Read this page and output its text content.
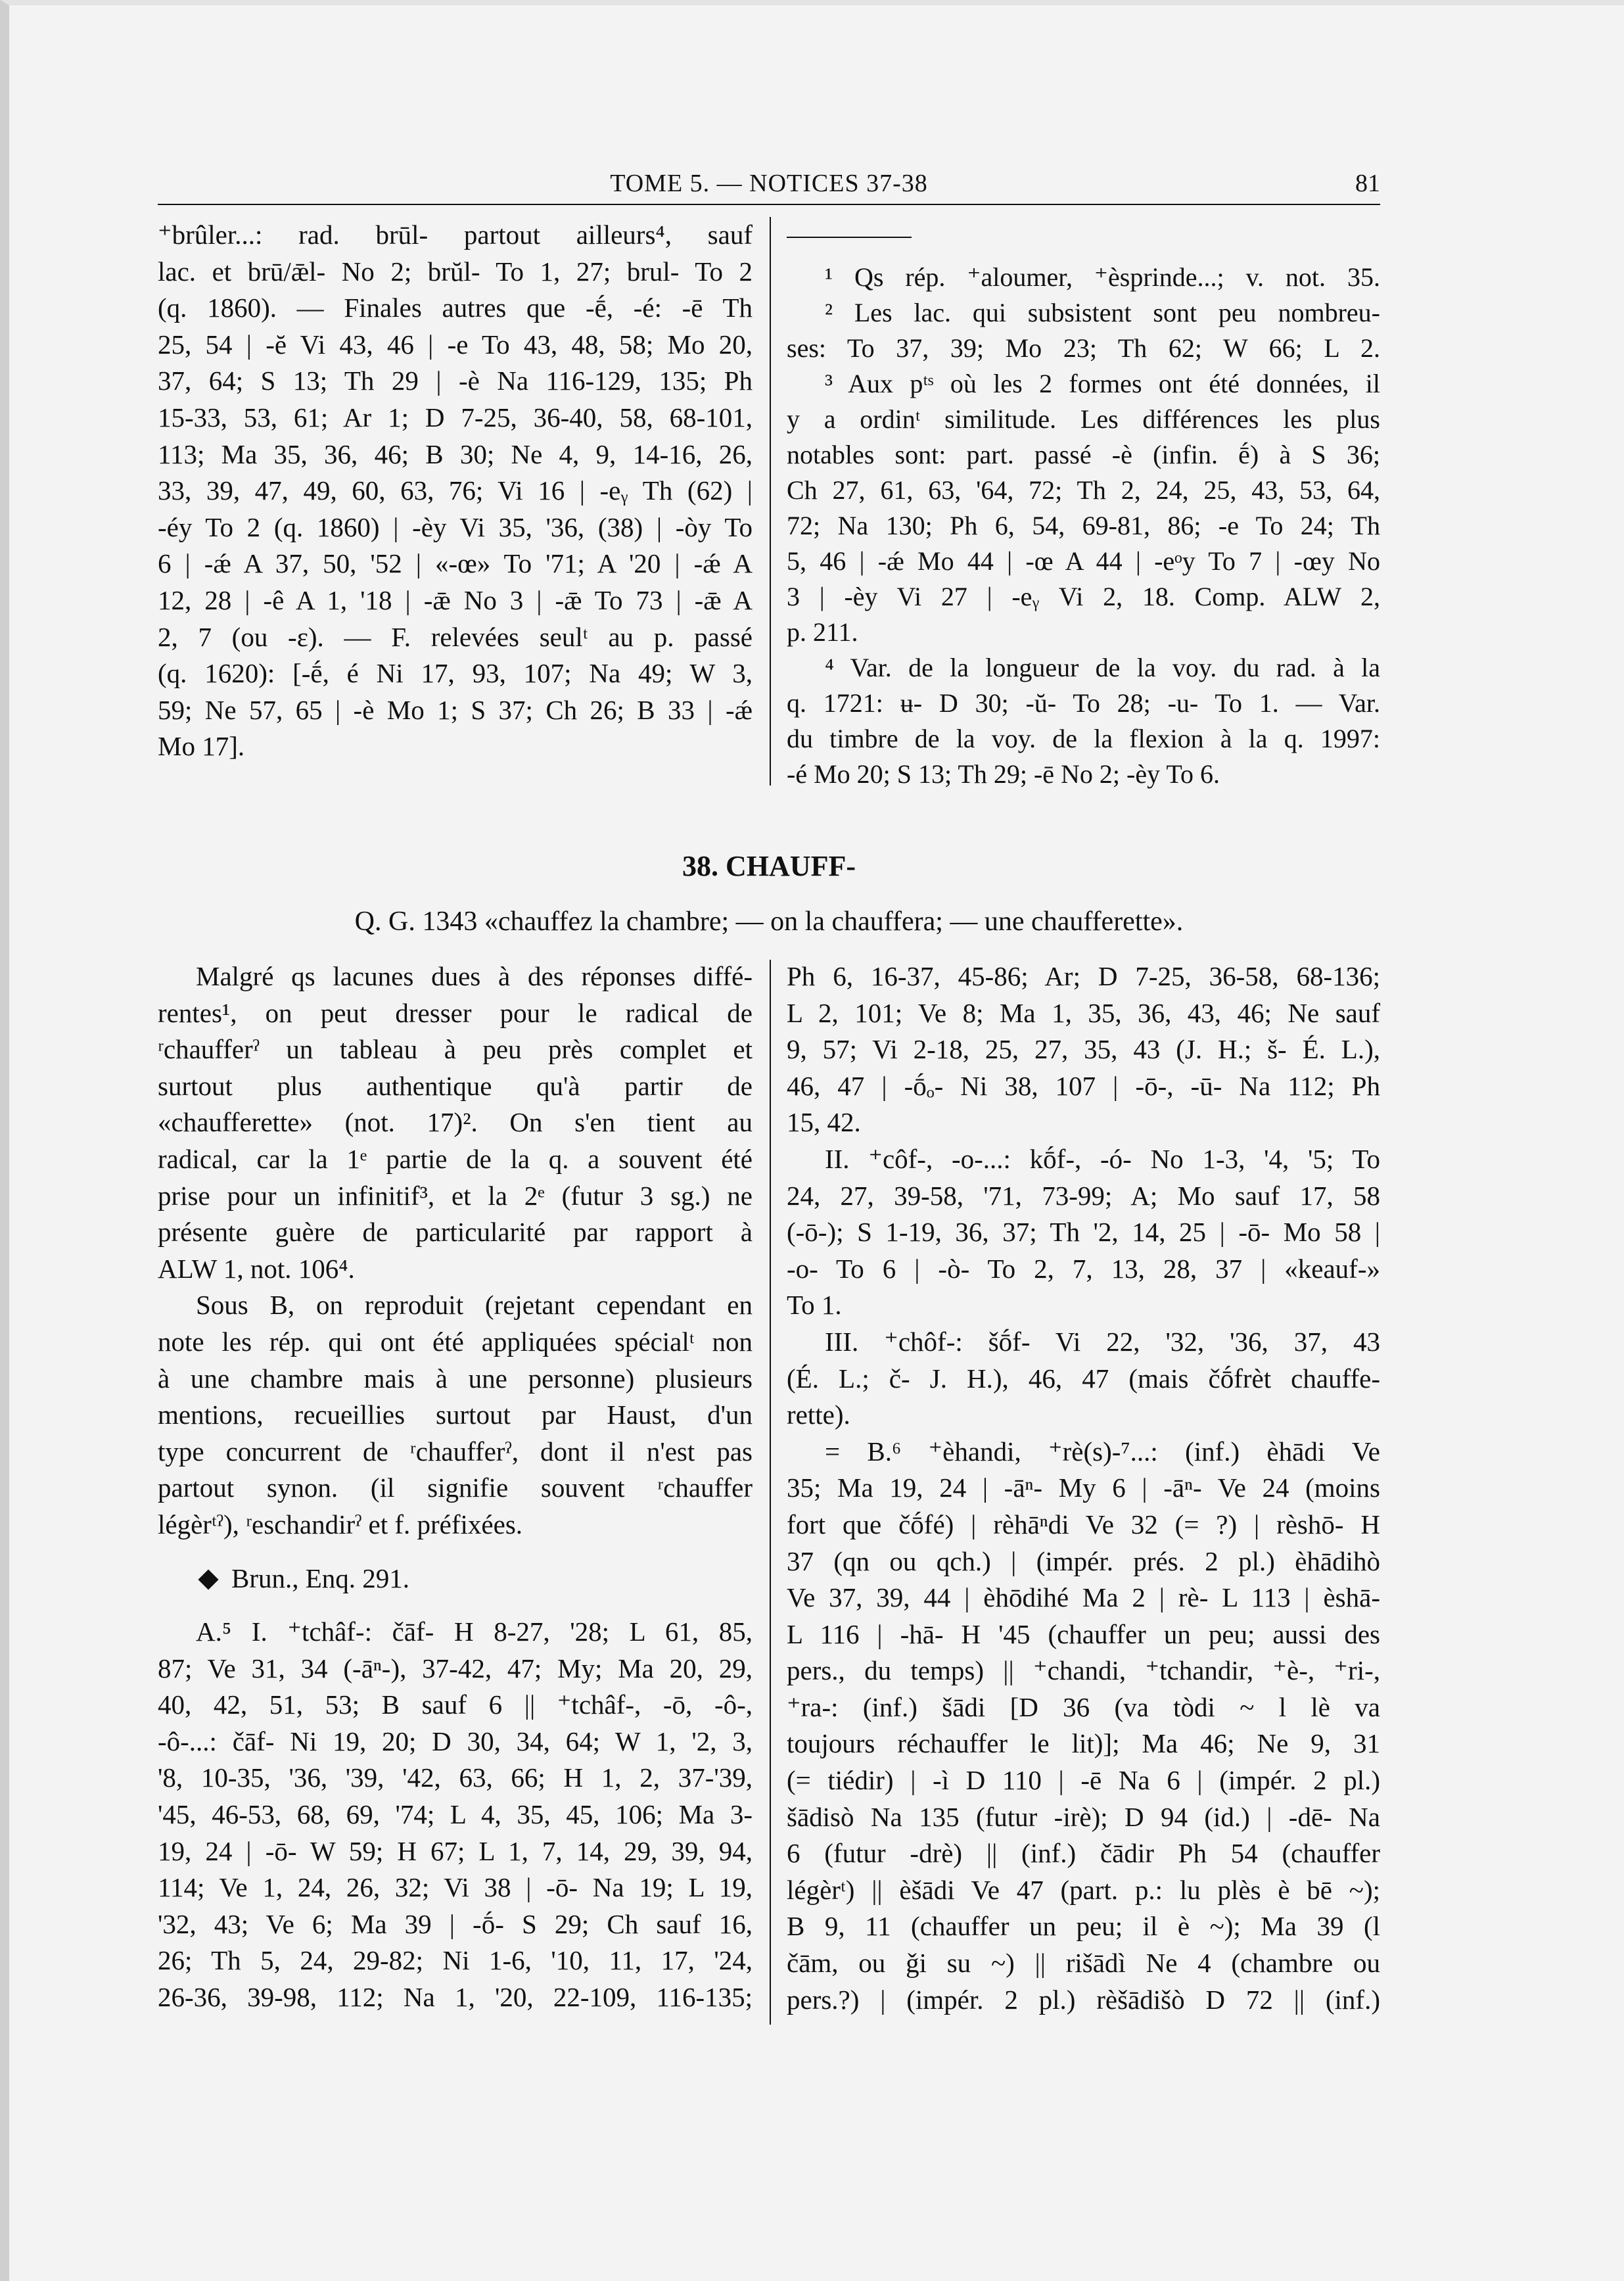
TOME 5. — NOTICES 37-38	81

⁺brûler...: rad. brūl- partout ailleurs⁴, sauf

lac. et brū/ǣl- No 2; brŭl- To 1, 27; brul- To 2

(q. 1860). — Finales autres que -ḗ, -é: -ē Th

25, 54 | -ĕ Vi 43, 46 | -e To 43, 48, 58; Mo 20,

37, 64; S 13; Th 29 | -è Na 116-129, 135; Ph

15-33, 53, 61; Ar 1; D 7-25, 36-40, 58, 68-101,

113; Ma 35, 36, 46; B 30; Ne 4, 9, 14-16, 26,

33, 39, 47, 49, 60, 63, 76; Vi 16 | -eᵧ Th (62) |

-éy To 2 (q. 1860) | -èy Vi 35, '36, (38) | -òy To

6 | -ǽ A 37, 50, '52 | «-œ» To '71; A '20 | -ǽ A

12, 28 | -ê A 1, '18 | -ǣ No 3 | -ǣ To 73 | -ǣ A

2, 7 (ou -ɛ). — F. relevées seulᵗ au p. passé

(q. 1620): [-ḗ, é Ni 17, 93, 107; Na 49; W 3,

59; Ne 57, 65 | -è Mo 1; S 37; Ch 26; B 33 | -ǽ

Mo 17].

¹ Qs rép. ⁺aloumer, ⁺èsprinde...; v. not. 35.

² Les lac. qui subsistent sont peu nombreu-

ses: To 37, 39; Mo 23; Th 62; W 66; L 2.

³ Aux pᵗˢ où les 2 formes ont été données, il

y a ordinᵗ similitude. Les différences les plus

notables sont: part. passé -è (infin. ḗ) à S 36;

Ch 27, 61, 63, '64, 72; Th 2, 24, 25, 43, 53, 64,

72; Na 130; Ph 6, 54, 69-81, 86; -e To 24; Th

5, 46 | -ǽ Mo 44 | -œ A 44 | -eᵒy To 7 | -œy No

3 | -èy Vi 27 | -eᵧ Vi 2, 18. Comp. ALW 2,

p. 211.

⁴ Var. de la longueur de la voy. du rad. à la

q. 1721: ʉ- D 30; -ŭ- To 28; -u- To 1. — Var.

du timbre de la voy. de la flexion à la q. 1997:

-é Mo 20; S 13; Th 29; -ē No 2; -èy To 6.

38. CHAUFF-
Q. G. 1343 «chauffez la chambre; — on la chauffera; — une chaufferette».

Malgré qs lacunes dues à des réponses diffé-

rentes¹, on peut dresser pour le radical de

ʳchaufferˀ un tableau à peu près complet et

surtout plus authentique qu'à partir de

«chaufferette» (not. 17)². On s'en tient au

radical, car la 1ᵉ partie de la q. a souvent été

prise pour un infinitif³, et la 2ᵉ (futur 3 sg.) ne

présente guère de particularité par rapport à

ALW 1, not. 106⁴.

Sous B, on reproduit (rejetant cependant en

note les rép. qui ont été appliquées spécialᵗ non

à une chambre mais à une personne) plusieurs

mentions, recueillies surtout par Haust, d'un

type concurrent de ʳchaufferˀ, dont il n'est pas

partout synon. (il signifie souvent ʳchauffer

légèrᵗˀ), ʳeschandirˀ et f. préfixées.

Brun., Enq. 291.

A.⁵ I. ⁺tchâf-: čāf- H 8-27, '28; L 61, 85,

87; Ve 31, 34 (-āⁿ-), 37-42, 47; My; Ma 20, 29,

40, 42, 51, 53; B sauf 6 || ⁺tchâf-, -ō, -ô-,

-ô-...: čāf- Ni 19, 20; D 30, 34, 64; W 1, '2, 3,

'8, 10-35, '36, '39, '42, 63, 66; H 1, 2, 37-'39,

'45, 46-53, 68, 69, '74; L 4, 35, 45, 106; Ma 3-

19, 24 | -ō- W 59; H 67; L 1, 7, 14, 29, 39, 94,

114; Ve 1, 24, 26, 32; Vi 38 | -ō- Na 19; L 19,

'32, 43; Ve 6; Ma 39 | -ṓ- S 29; Ch sauf 16,

26; Th 5, 24, 29-82; Ni 1-6, '10, 11, 17, '24,

26-36, 39-98, 112; Na 1, '20, 22-109, 116-135;

Ph 6, 16-37, 45-86; Ar; D 7-25, 36-58, 68-136;

L 2, 101; Ve 8; Ma 1, 35, 36, 43, 46; Ne sauf

9, 57; Vi 2-18, 25, 27, 35, 43 (J. H.; š- É. L.),

46, 47 | -ṓₒ- Ni 38, 107 | -ō-, -ū- Na 112; Ph

15, 42.

II. ⁺côf-, -o-...: kṓf-, -ó- No 1-3, '4, '5; To

24, 27, 39-58, '71, 73-99; A; Mo sauf 17, 58

(-ō-); S 1-19, 36, 37; Th '2, 14, 25 | -ō- Mo 58 |

-o- To 6 | -ò- To 2, 7, 13, 28, 37 | «keauf-»

To 1.

III. ⁺chôf-: šṓf- Vi 22, '32, '36, 37, 43

(É. L.; č- J. H.), 46, 47 (mais čṓfrèt chauffe-

rette).

= B.⁶ ⁺èhandi, ⁺rè(s)-⁷...: (inf.) èhādi Ve

35; Ma 19, 24 | -āⁿ- My 6 | -āⁿ- Ve 24 (moins

fort que čṓfé) | rèhāⁿdi Ve 32 (= ?) | rèshō- H

37 (qn ou qch.) | (impér. prés. 2 pl.) èhādihò

Ve 37, 39, 44 | èhōdihé Ma 2 | rè- L 113 | èshā-

L 116 | -hā- H '45 (chauffer un peu; aussi des

pers., du temps) || ⁺chandi, ⁺tchandir, ⁺è-, ⁺ri-,

⁺ra-: (inf.) šādi [D 36 (va tòdi ~ l lè va

toujours réchauffer le lit)]; Ma 46; Ne 9, 31

(= tiédir) | -ì D 110 | -ē Na 6 | (impér. 2 pl.)

šādisò Na 135 (futur -irè); D 94 (id.) | -dē- Na

6 (futur -drè) || (inf.) čādir Ph 54 (chauffer

légèrᵗ) || èšādi Ve 47 (part. p.: lu plès è bē ~);

B 9, 11 (chauffer un peu; il è ~); Ma 39 (l

čām, ou ǧi su ~) || rišādì Ne 4 (chambre ou

pers.?) | (impér. 2 pl.) rèšādišò D 72 || (inf.)
